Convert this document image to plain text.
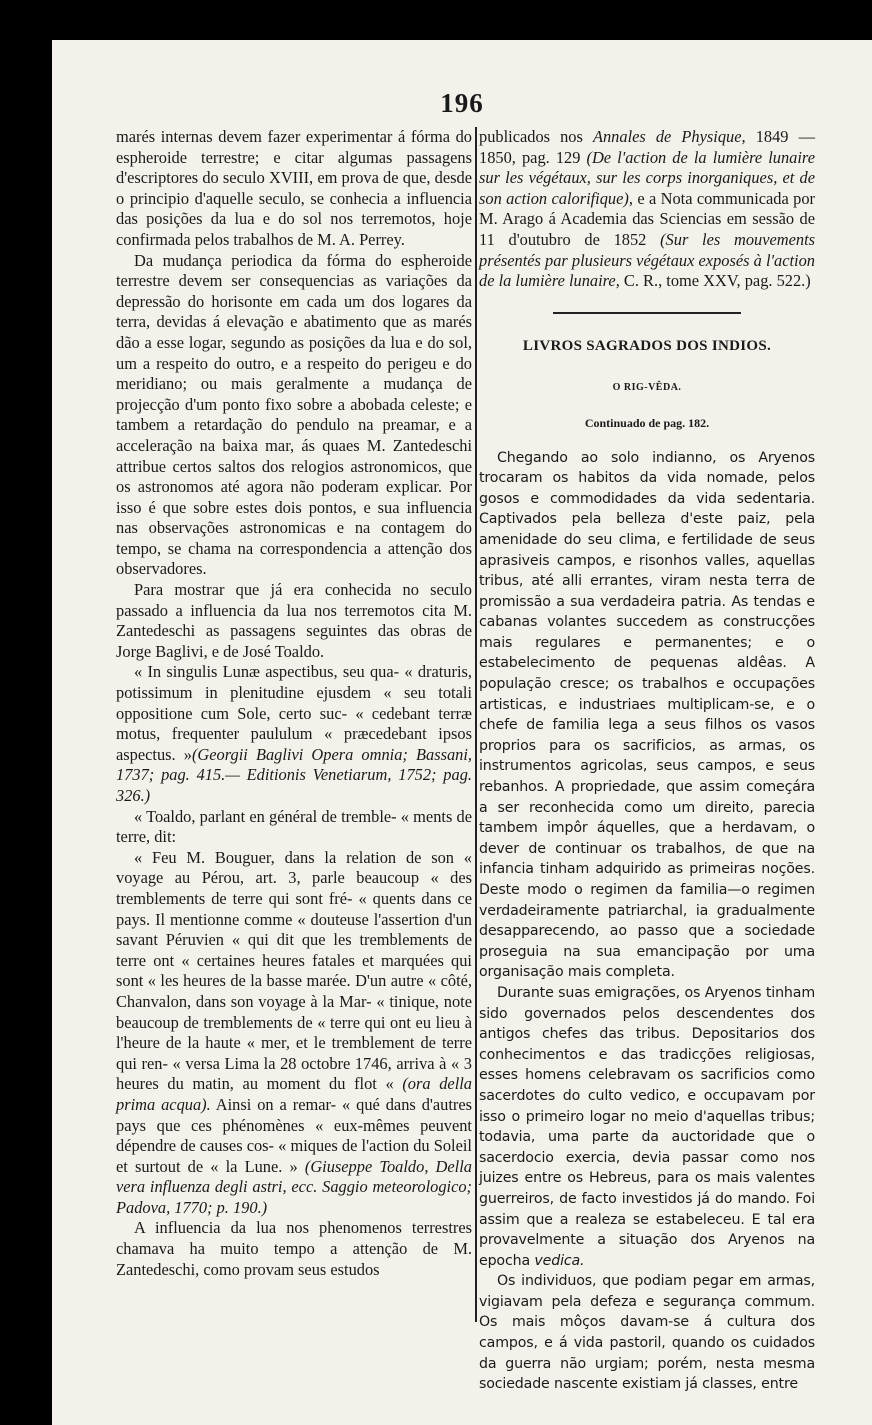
196

marés internas devem fazer experimentar á fórma do espheroide terrestre; e citar algumas passagens d'escriptores do seculo XVIII, em prova de que, desde o principio d'aquelle seculo, se conhecia a influencia das posições da lua e do sol nos terremotos, hoje confirmada pelos trabalhos de M. A. Perrey.

Da mudança periodica da fórma do espheroide terrestre devem ser consequencias as variações da depressão do horisonte em cada um dos logares da terra, devidas á elevação e abatimento que as marés dão a esse logar, segundo as posições da lua e do sol, um a respeito do outro, e a respeito do perigeu e do meridiano; ou mais geralmente a mudança de projecção d'um ponto fixo sobre a abobada celeste; e tambem a retardação do pendulo na preamar, e a acceleração na baixa mar, ás quaes M. Zantedeschi attribue certos saltos dos relogios astronomicos, que os astronomos até agora não poderam explicar. Por isso é que sobre estes dois pontos, e sua influencia nas observações astronomicas e na contagem do tempo, se chama na correspondencia a attenção dos observadores.

Para mostrar que já era conhecida no seculo passado a influencia da lua nos terremotos cita M. Zantedeschi as passagens seguintes das obras de Jorge Baglivi, e de José Toaldo.

« In singulis Lunæ aspectibus, seu qua- « draturis, potissimum in plenitudine ejusdem « seu totali oppositione cum Sole, certo suc- « cedebant terræ motus, frequenter paululum « præcedebant ipsos aspectus. »(Georgii Baglivi Opera omnia; Bassani, 1737; pag. 415.— Editionis Venetiarum, 1752; pag. 326.)

« Toaldo, parlant en général de tremble- « ments de terre, dit:

« Feu M. Bouguer, dans la relation de son « voyage au Pérou, art. 3, parle beaucoup « des tremblements de terre qui sont fré- « quents dans ce pays. Il mentionne comme « douteuse l'assertion d'un savant Péruvien « qui dit que les tremblements de terre ont « certaines heures fatales et marquées qui sont « les heures de la basse marée. D'un autre « côté, Chanvalon, dans son voyage à la Mar- « tinique, note beaucoup de tremblements de « terre qui ont eu lieu à l'heure de la haute « mer, et le tremblement de terre qui ren- « versa Lima la 28 octobre 1746, arriva à « 3 heures du matin, au moment du flot « (ora della prima acqua). Ainsi on a remar- « qué dans d'autres pays que ces phénomènes « eux-mêmes peuvent dépendre de causes cos- « miques de l'action du Soleil et surtout de « la Lune. » (Giuseppe Toaldo, Della vera influenza degli astri, ecc. Saggio meteorologico; Padova, 1770; p. 190.)

A influencia da lua nos phenomenos terrestres chamava ha muito tempo a attenção de M. Zantedeschi, como provam seus estudos

publicados nos Annales de Physique, 1849 — 1850, pag. 129 (De l'action de la lumière lunaire sur les végétaux, sur les corps inorganiques, et de son action calorifique), e a Nota communicada por M. Arago á Academia das Sciencias em sessão de 11 d'outubro de 1852 (Sur les mouvements présentés par plusieurs végétaux exposés à l'action de la lumière lunaire, C. R., tome XXV, pag. 522.)

LIVROS SAGRADOS DOS INDIOS.

O RIG-VÊDA.

Continuado de pag. 182.

Chegando ao solo indianno, os Aryenos trocaram os habitos da vida nomade, pelos gosos e commodidades da vida sedentaria. Captivados pela belleza d'este paiz, pela amenidade do seu clima, e fertilidade de seus aprasiveis campos, e risonhos valles, aquellas tribus, até alli errantes, viram nesta terra de promissão a sua verdadeira patria. As tendas e cabanas volantes succedem as construcções mais regulares e permanentes; e o estabelecimento de pequenas aldêas. A população cresce; os trabalhos e occupações artisticas, e industriaes multiplicam-se, e o chefe de familia lega a seus filhos os vasos proprios para os sacrificios, as armas, os instrumentos agricolas, seus campos, e seus rebanhos. A propriedade, que assim começára a ser reconhecida como um direito, parecia tambem impôr áquelles, que a herdavam, o dever de continuar os trabalhos, de que na infancia tinham adquirido as primeiras noções. Deste modo o regimen da familia—o regimen verdadeiramente patriarchal, ia gradualmente desapparecendo, ao passo que a sociedade proseguia na sua emancipação por uma organisação mais completa.

Durante suas emigrações, os Aryenos tinham sido governados pelos descendentes dos antigos chefes das tribus. Depositarios dos conhecimentos e das tradicções religiosas, esses homens celebravam os sacrificios como sacerdotes do culto vedico, e occupavam por isso o primeiro logar no meio d'aquellas tribus; todavia, uma parte da auctoridade que o sacerdocio exercia, devia passar como nos juizes entre os Hebreus, para os mais valentes guerreiros, de facto investidos já do mando. Foi assim que a realeza se estabeleceu. E tal era provavelmente a situação dos Aryenos na epocha vedica.

Os individuos, que podiam pegar em armas, vigiavam pela defeza e segurança commum. Os mais môços davam-se á cultura dos campos, e á vida pastoril, quando os cuidados da guerra não urgiam; porém, nesta mesma sociedade nascente existiam já classes, entre
